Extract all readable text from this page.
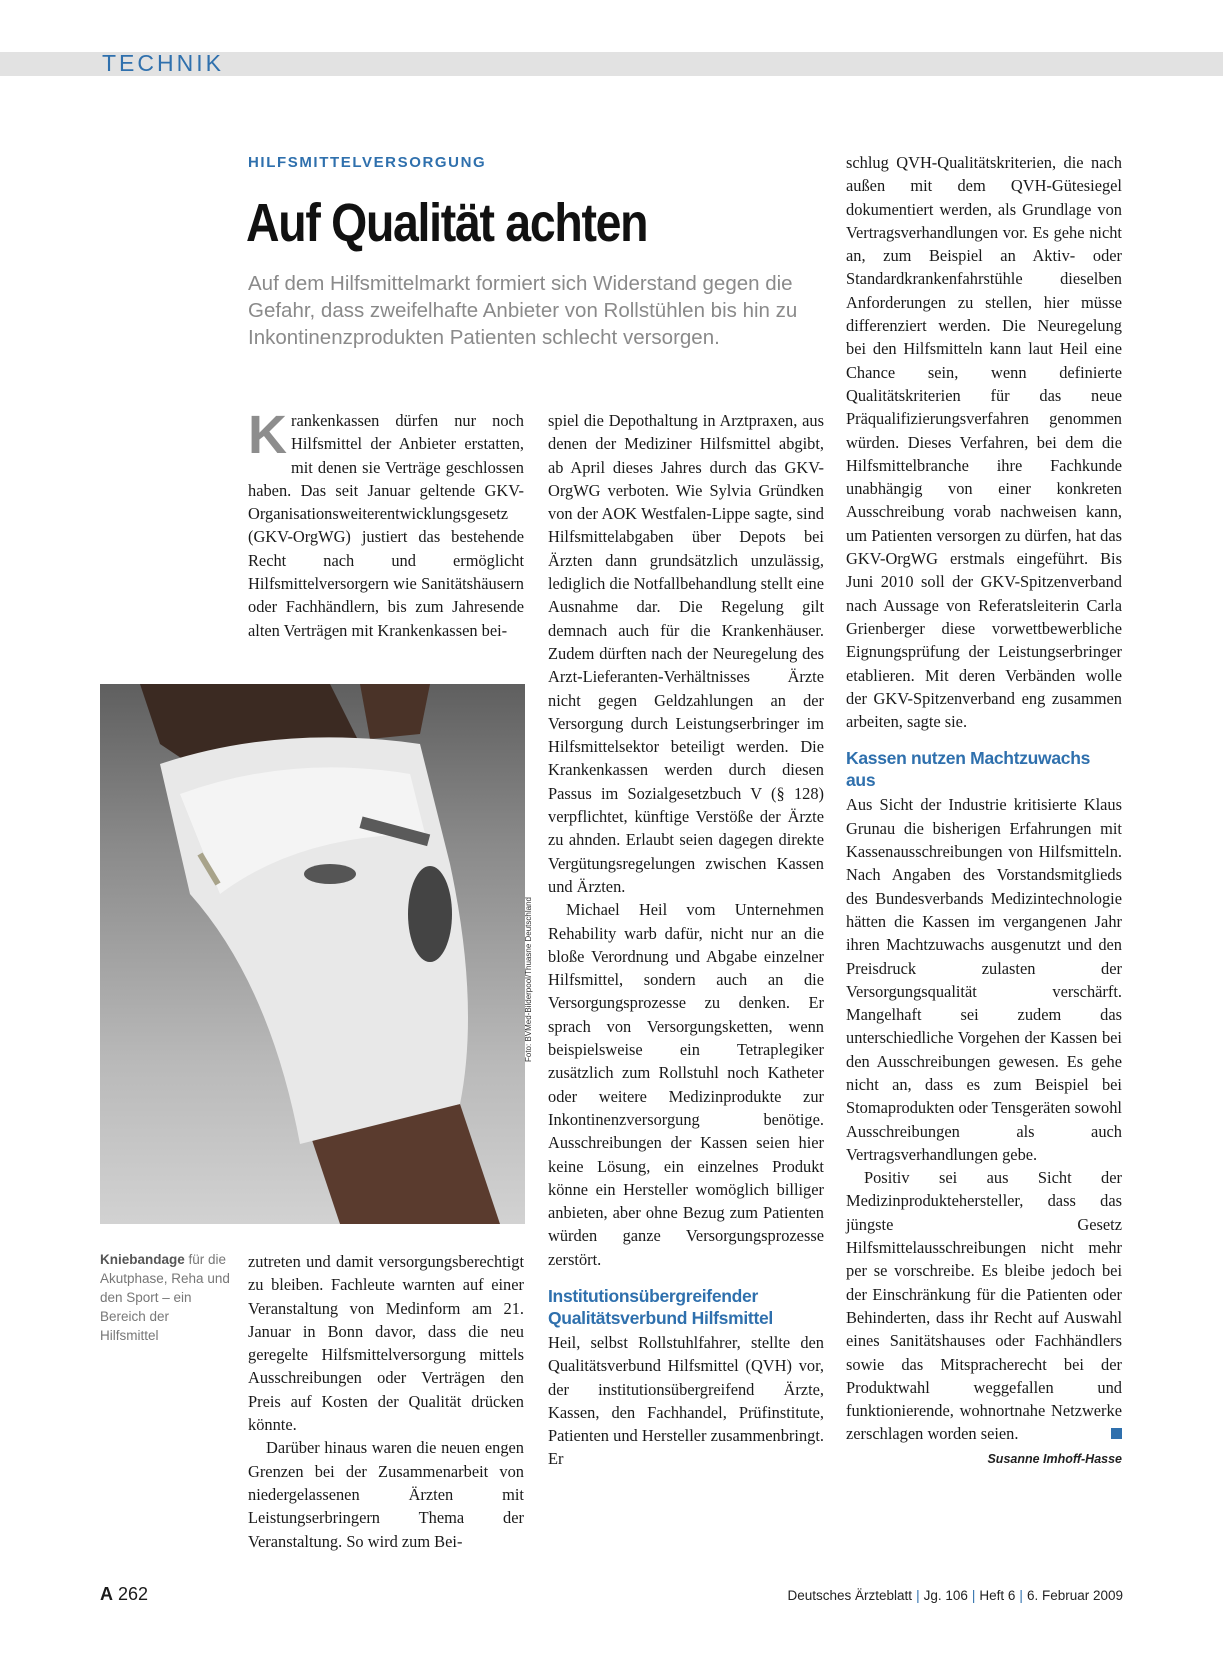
TECHNIK
HILFSMITTELVERSORGUNG
Auf Qualität achten
Auf dem Hilfsmittelmarkt formiert sich Widerstand gegen die Gefahr, dass zweifelhafte Anbieter von Rollstühlen bis hin zu Inkontinenzprodukten Patienten schlecht versorgen.

Krankenkassen dürfen nur noch Hilfsmittel der Anbieter erstatten, mit denen sie Verträge geschlossen haben. Das seit Januar geltende GKV-Organisationsweiterentwicklungsgesetz (GKV-OrgWG) justiert das bestehende Recht nach und ermöglicht Hilfsmittelversorgern wie Sanitätshäusern oder Fachhändlern, bis zum Jahresende alten Verträgen mit Krankenkassen bei-

Foto: BVMed-Bilderpool/Thuasne Deutschland
Kniebandage für die Akutphase, Reha und den Sport – ein Bereich der Hilfsmittel

zutreten und damit versorgungsberechtigt zu bleiben. Fachleute warnten auf einer Veranstaltung von Medinform am 21. Januar in Bonn davor, dass die neu geregelte Hilfsmittelversorgung mittels Ausschreibungen oder Verträgen den Preis auf Kosten der Qualität drücken könnte.

Darüber hinaus waren die neuen engen Grenzen bei der Zusammenarbeit von niedergelassenen Ärzten mit Leistungserbringern Thema der Veranstaltung. So wird zum Bei-

spiel die Depothaltung in Arztpraxen, aus denen der Mediziner Hilfsmittel abgibt, ab April dieses Jahres durch das GKV-OrgWG verboten. Wie Sylvia Gründken von der AOK Westfalen-Lippe sagte, sind Hilfsmittelabgaben über Depots bei Ärzten dann grundsätzlich unzulässig, lediglich die Notfallbehandlung stellt eine Ausnahme dar. Die Regelung gilt demnach auch für die Krankenhäuser. Zudem dürften nach der Neuregelung des Arzt-Lieferanten-Verhältnisses Ärzte nicht gegen Geldzahlungen an der Versorgung durch Leistungserbringer im Hilfsmittelsektor beteiligt werden. Die Krankenkassen werden durch diesen Passus im Sozialgesetzbuch V (§ 128) verpflichtet, künftige Verstöße der Ärzte zu ahnden. Erlaubt seien dagegen direkte Vergütungsregelungen zwischen Kassen und Ärzten.

Michael Heil vom Unternehmen Rehability warb dafür, nicht nur an die bloße Verordnung und Abgabe einzelner Hilfsmittel, sondern auch an die Versorgungsprozesse zu denken. Er sprach von Versorgungsketten, wenn beispielsweise ein Tetraplegiker zusätzlich zum Rollstuhl noch Katheter oder weitere Medizinprodukte zur Inkontinenzversorgung benötige. Ausschreibungen der Kassen seien hier keine Lösung, ein einzelnes Produkt könne ein Hersteller womöglich billiger anbieten, aber ohne Bezug zum Patienten würden ganze Versorgungsprozesse zerstört.

Institutionsübergreifender Qualitätsverbund Hilfsmittel

Heil, selbst Rollstuhlfahrer, stellte den Qualitätsverbund Hilfsmittel (QVH) vor, der institutionsübergreifend Ärzte, Kassen, den Fachhandel, Prüfinstitute, Patienten und Hersteller zusammenbringt. Er

schlug QVH-Qualitätskriterien, die nach außen mit dem QVH-Gütesiegel dokumentiert werden, als Grundlage von Vertragsverhandlungen vor. Es gehe nicht an, zum Beispiel an Aktiv- oder Standardkrankenfahrstühle dieselben Anforderungen zu stellen, hier müsse differenziert werden. Die Neuregelung bei den Hilfsmitteln kann laut Heil eine Chance sein, wenn definierte Qualitätskriterien für das neue Präqualifizierungsverfahren genommen würden. Dieses Verfahren, bei dem die Hilfsmittelbranche ihre Fachkunde unabhängig von einer konkreten Ausschreibung vorab nachweisen kann, um Patienten versorgen zu dürfen, hat das GKV-OrgWG erstmals eingeführt. Bis Juni 2010 soll der GKV-Spitzenverband nach Aussage von Referatsleiterin Carla Grienberger diese vorwettbewerbliche Eignungsprüfung der Leistungserbringer etablieren. Mit deren Verbänden wolle der GKV-Spitzenverband eng zusammen arbeiten, sagte sie.

Kassen nutzen Machtzuwachs aus

Aus Sicht der Industrie kritisierte Klaus Grunau die bisherigen Erfahrungen mit Kassenausschreibungen von Hilfsmitteln. Nach Angaben des Vorstandsmitglieds des Bundesverbands Medizintechnologie hätten die Kassen im vergangenen Jahr ihren Machtzuwachs ausgenutzt und den Preisdruck zulasten der Versorgungsqualität verschärft. Mangelhaft sei zudem das unterschiedliche Vorgehen der Kassen bei den Ausschreibungen gewesen. Es gehe nicht an, dass es zum Beispiel bei Stomaprodukten oder Tensgeräten sowohl Ausschreibungen als auch Vertragsverhandlungen gebe.

Positiv sei aus Sicht der Medizinproduktehersteller, dass das jüngste Gesetz Hilfsmittelausschreibungen nicht mehr per se vorschreibe. Es bleibe jedoch bei der Einschränkung für die Patienten oder Behinderten, dass ihr Recht auf Auswahl eines Sanitätshauses oder Fachhändlers sowie das Mitspracherecht bei der Produktwahl weggefallen und funktionierende, wohnortnahe Netzwerke zerschlagen worden seien.

Susanne Imhoff-Hasse
A 262	Deutsches Ärzteblatt | Jg. 106 | Heft 6 | 6. Februar 2009
